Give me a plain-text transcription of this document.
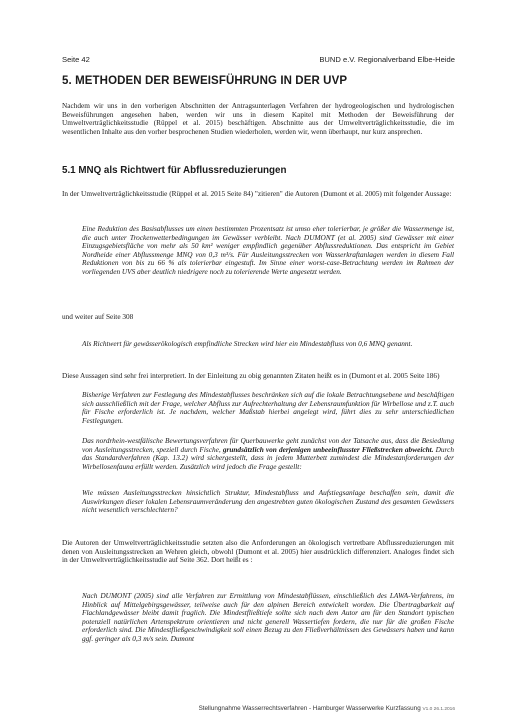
Seite 42	BUND e.V. Regionalverband Elbe-Heide
5. METHODEN DER BEWEISFÜHRUNG IN DER UVP

Nachdem wir uns in den vorherigen Abschnitten der Antragsunterlagen Verfahren der hydrogeologischen und hydrologischen Beweisführungen angesehen haben, werden wir uns in diesem Kapitel mit Methoden der Beweisführung der Umweltverträglichkeitsstudie (Rüppel et al. 2015) beschäftigen. Abschnitte aus der Umweltverträglichkeitsstudie, die im wesentlichen Inhalte aus den vorher besprochenen Studien wiederholen, werden wir, wenn überhaupt, nur kurz ansprechen.

5.1 MNQ als Richtwert für Abflussreduzierungen

In der Umweltverträglichkeitsstudie (Rüppel et al. 2015 Seite 84) "zitieren" die Autoren (Dumont et al. 2005) mit folgender Aussage:

Eine Reduktion des Basisabflusses um einen bestimmten Prozentsatz ist umso eher tolerierbar, je größer die Wassermenge ist, die auch unter Trockenwetterbedingungen im Gewässer verbleibt. Nach DUMONT (et al. 2005) sind Gewässer mit einer Einzugsgebietsfläche von mehr als 50 km² weniger empfindlich gegenüber Abflussreduktionen. Das entspricht im Gebiet Nordheide einer Abflussmenge MNQ von 0,3 m³/s. Für Ausleitungsstrecken von Wasserkraftanlagen werden in diesem Fall Reduktionen von bis zu 66 % als tolerierbar eingestuft. Im Sinne einer worst-case-Betrachtung werden im Rahmen der vorliegenden UVS aber deutlich niedrigere noch zu tolerierende Werte angesetzt werden.

und weiter auf Seite 308

Als Richtwert für gewässerökologisch empfindliche Strecken wird hier ein Mindestabfluss von 0,6 MNQ genannt.

Diese Aussagen sind sehr frei interpretiert. In der Einleitung zu obig genannten Zitaten heißt es in (Dumont et al. 2005 Seite 186)

Bisherige Verfahren zur Festlegung des Mindestabflusses beschränken sich auf die lokale Betrachtungsebene und beschäftigen sich ausschließlich mit der Frage, welcher Abfluss zur Aufrechterhaltung der Lebensraumfunktion für Wirbellose und z.T. auch für Fische erforderlich ist. Je nachdem, welcher Maßstab hierbei angelegt wird, führt dies zu sehr unterschiedlichen Festlegungen.

Das nordrhein-westfälische Bewertungsverfahren für Querbauwerke geht zunächst von der Tatsache aus, dass die Besiedlung von Ausleitungsstrecken, speziell durch Fische, grundsätzlich von derjenigen unbeeinflusster Fließstrecken abweicht. Durch das Standardverfahren (Kap. 13.2) wird sichergestellt, dass in jedem Mutterbett zumindest die Mindestanforderungen der Wirbellosenfauna erfüllt werden. Zusätzlich wird jedoch die Frage gestellt:

Wie müssen Ausleitungsstrecken hinsichtlich Struktur, Mindestabfluss und Aufstiegsanlage beschaffen sein, damit die Auswirkungen dieser lokalen Lebensraumveränderung den angestrebten guten ökologischen Zustand des gesamten Gewässers nicht wesentlich verschlechtern?

Die Autoren der Umweltverträglichkeitsstudie setzten also die Anforderungen an ökologisch vertretbare Abflussreduzierungen mit denen von Ausleitungsstrecken an Wehren gleich, obwohl (Dumont et al. 2005) hier ausdrücklich differenziert. Analoges findet sich in der Umweltverträglichkeitsstudie auf Seite 362. Dort heißt es :

Nach DUMONT (2005) sind alle Verfahren zur Ermittlung von Mindestabflüssen, einschließlich des LAWA-Verfahrens, im Hinblick auf Mittelgebirgsgewässer, teilweise auch für den alpinen Bereich entwickelt worden. Die Übertragbarkeit auf Flachlandgewässer bleibt damit fraglich. Die Mindestfließtiefe sollte sich nach dem Autor am für den Standort typischen potenziell natürlichen Artenspektrum orientieren und nicht generell Wassertiefen fordern, die nur für die großen Fische erforderlich sind. Die Mindestfließgeschwindigkeit soll einen Bezug zu den Fließverhältnissen des Gewässers haben und kann ggf. geringer als 0,3 m/s sein. Dumont

Stellungnahme Wasserrechtsverfahren - Hamburger Wasserwerke Kurzfassung V1.0 26.1.2016
